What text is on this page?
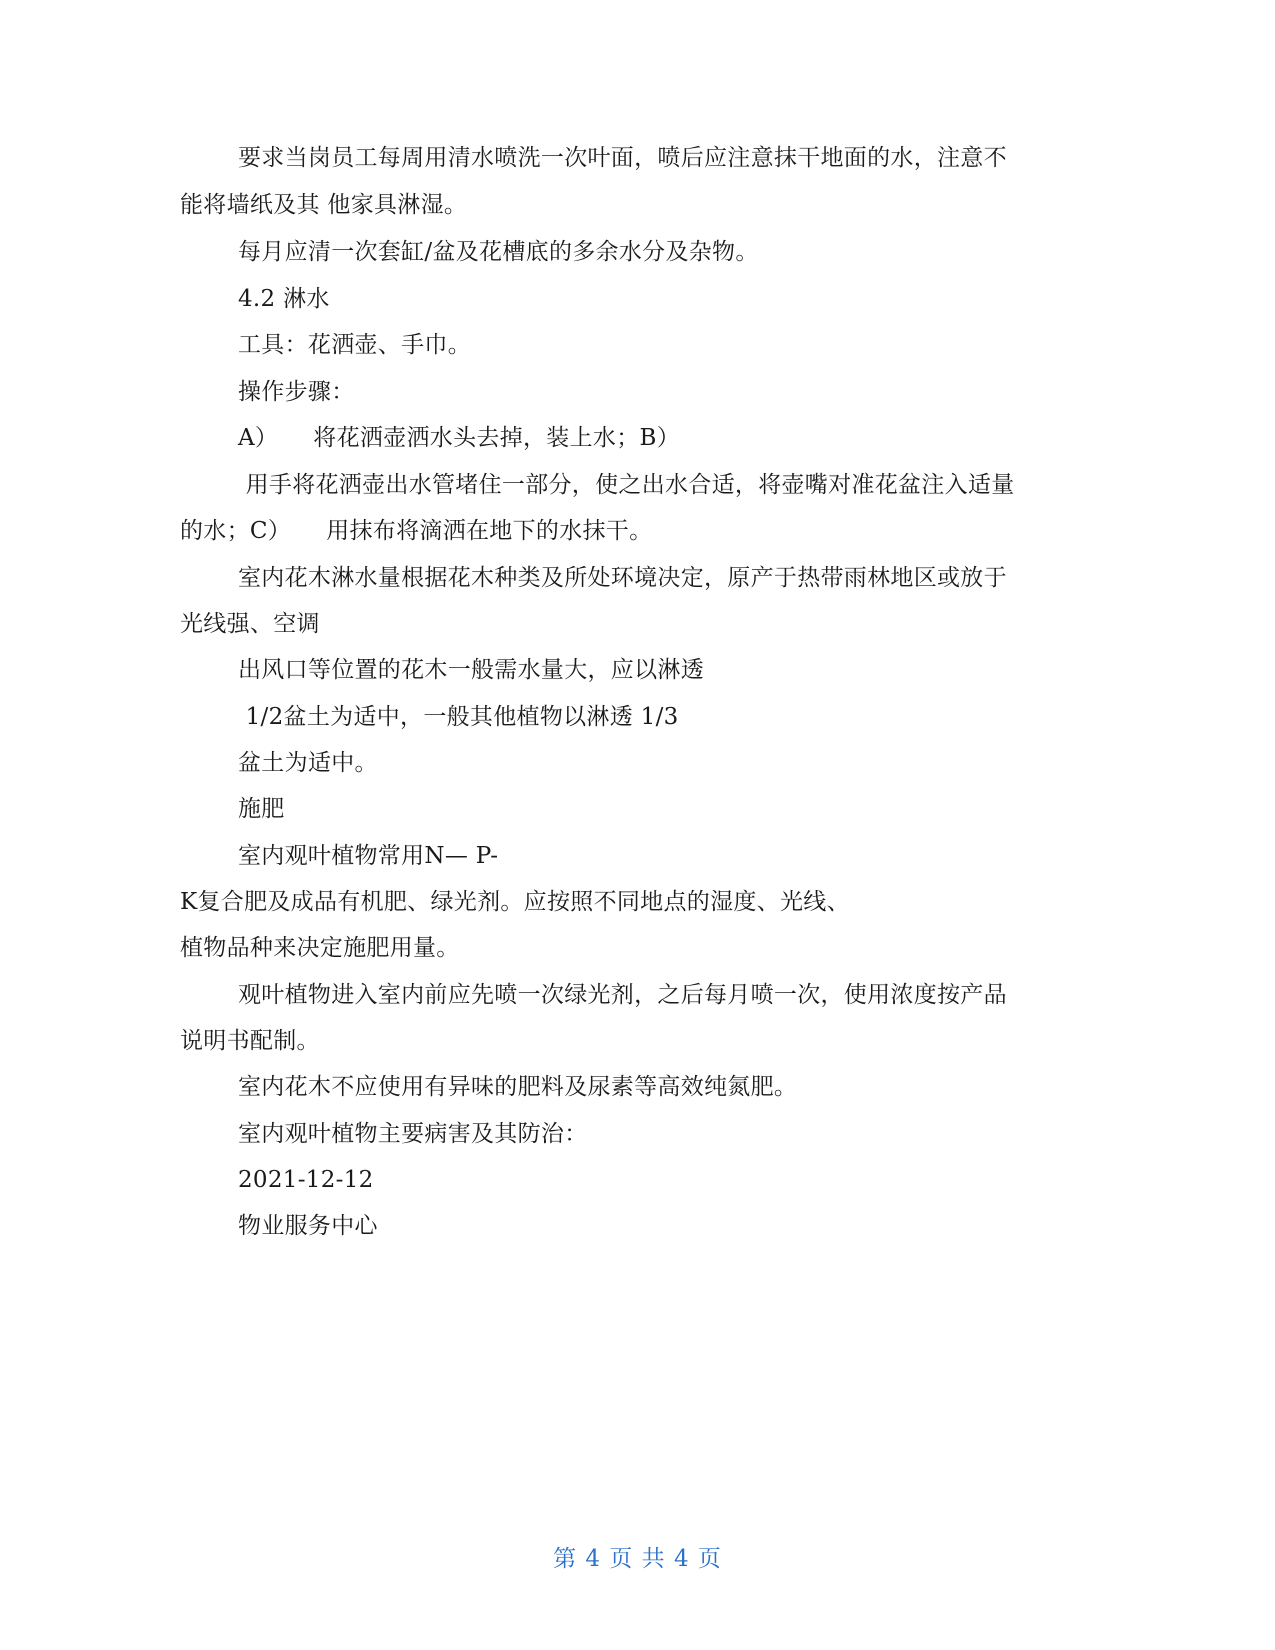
要求当岗员工每周用清水喷洗一次叶面，喷后应注意抹干地面的水，注意不
能将墙纸及其 他家具淋湿。
每月应清一次套缸/盆及花槽底的多余水分及杂物。
4.2 淋水
工具：花洒壶、手巾。
操作步骤：
A）　　将花洒壶洒水头去掉，装上水；B）
用手将花洒壶出水管堵住一部分，使之出水合适，将壶嘴对准花盆注入适量
的水；C）　　用抹布将滴洒在地下的水抹干。
室内花木淋水量根据花木种类及所处环境决定，原产于热带雨林地区或放于
光线强、空调
出风口等位置的花木一般需水量大，应以淋透
1/2盆土为适中，一般其他植物以淋透 1/3
盆土为适中。
施肥
室内观叶植物常用N— P-
K复合肥及成品有机肥、绿光剂。应按照不同地点的湿度、光线、
植物品种来决定施肥用量。
观叶植物进入室内前应先喷一次绿光剂，之后每月喷一次，使用浓度按产品
说明书配制。
室内花木不应使用有异味的肥料及尿素等高效纯氮肥。
室内观叶植物主要病害及其防治：
2021-12-12
物业服务中心
第 4 页 共 4 页
